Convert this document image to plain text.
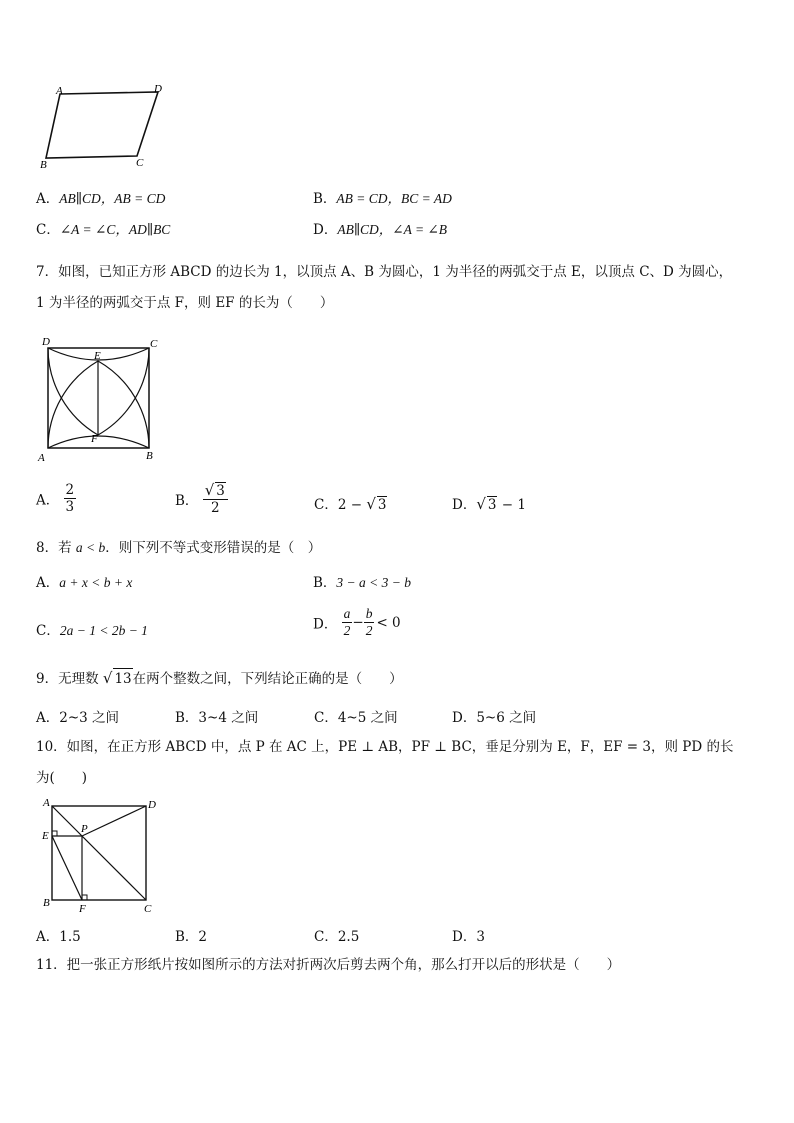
A	D
B	C
A．AB∥CD，AB = CD	B．AB = CD，BC = AD
C．∠A = ∠C，AD∥BC	D．AB∥CD，∠A = ∠B
7．如图，已知正方形 ABCD 的边长为 1，以顶点 A、B 为圆心，1 为半径的两弧交于点 E，以顶点 C、D 为圆心，
1 为半径的两弧交于点 F，则 EF 的长为（　　）
D	C
E
F
A	B
A． $\frac{2}{3}$	B． $\frac{√ 3}{2}$	C．2 − √ 3	D．√ 3 − 1
8．若 a < b．则下列不等式变形错误的是（　）
A．a + x < b + x	B．3 − a < 3 − b
C．2a − 1 < 2b − 1	D． $\frac{a}{2} - \frac{b}{2} < 0$
9．无理数 √ 13在两个整数之间，下列结论正确的是（　　）
A．2~3 之间	B．3~4 之间	C．4~5 之间	D．5~6 之间
10．如图，在正方形 ABCD 中，点 P 在 AC 上，PE ⊥ AB，PF ⊥ BC，垂足分别为 E，F，EF = 3，则 PD 的长
为(　　)
A	D
E
P
B	F	C
A．1.5	B．2	C．2.5	D．3
11．把一张正方形纸片按如图所示的方法对折两次后剪去两个角，那么打开以后的形状是（　　）
